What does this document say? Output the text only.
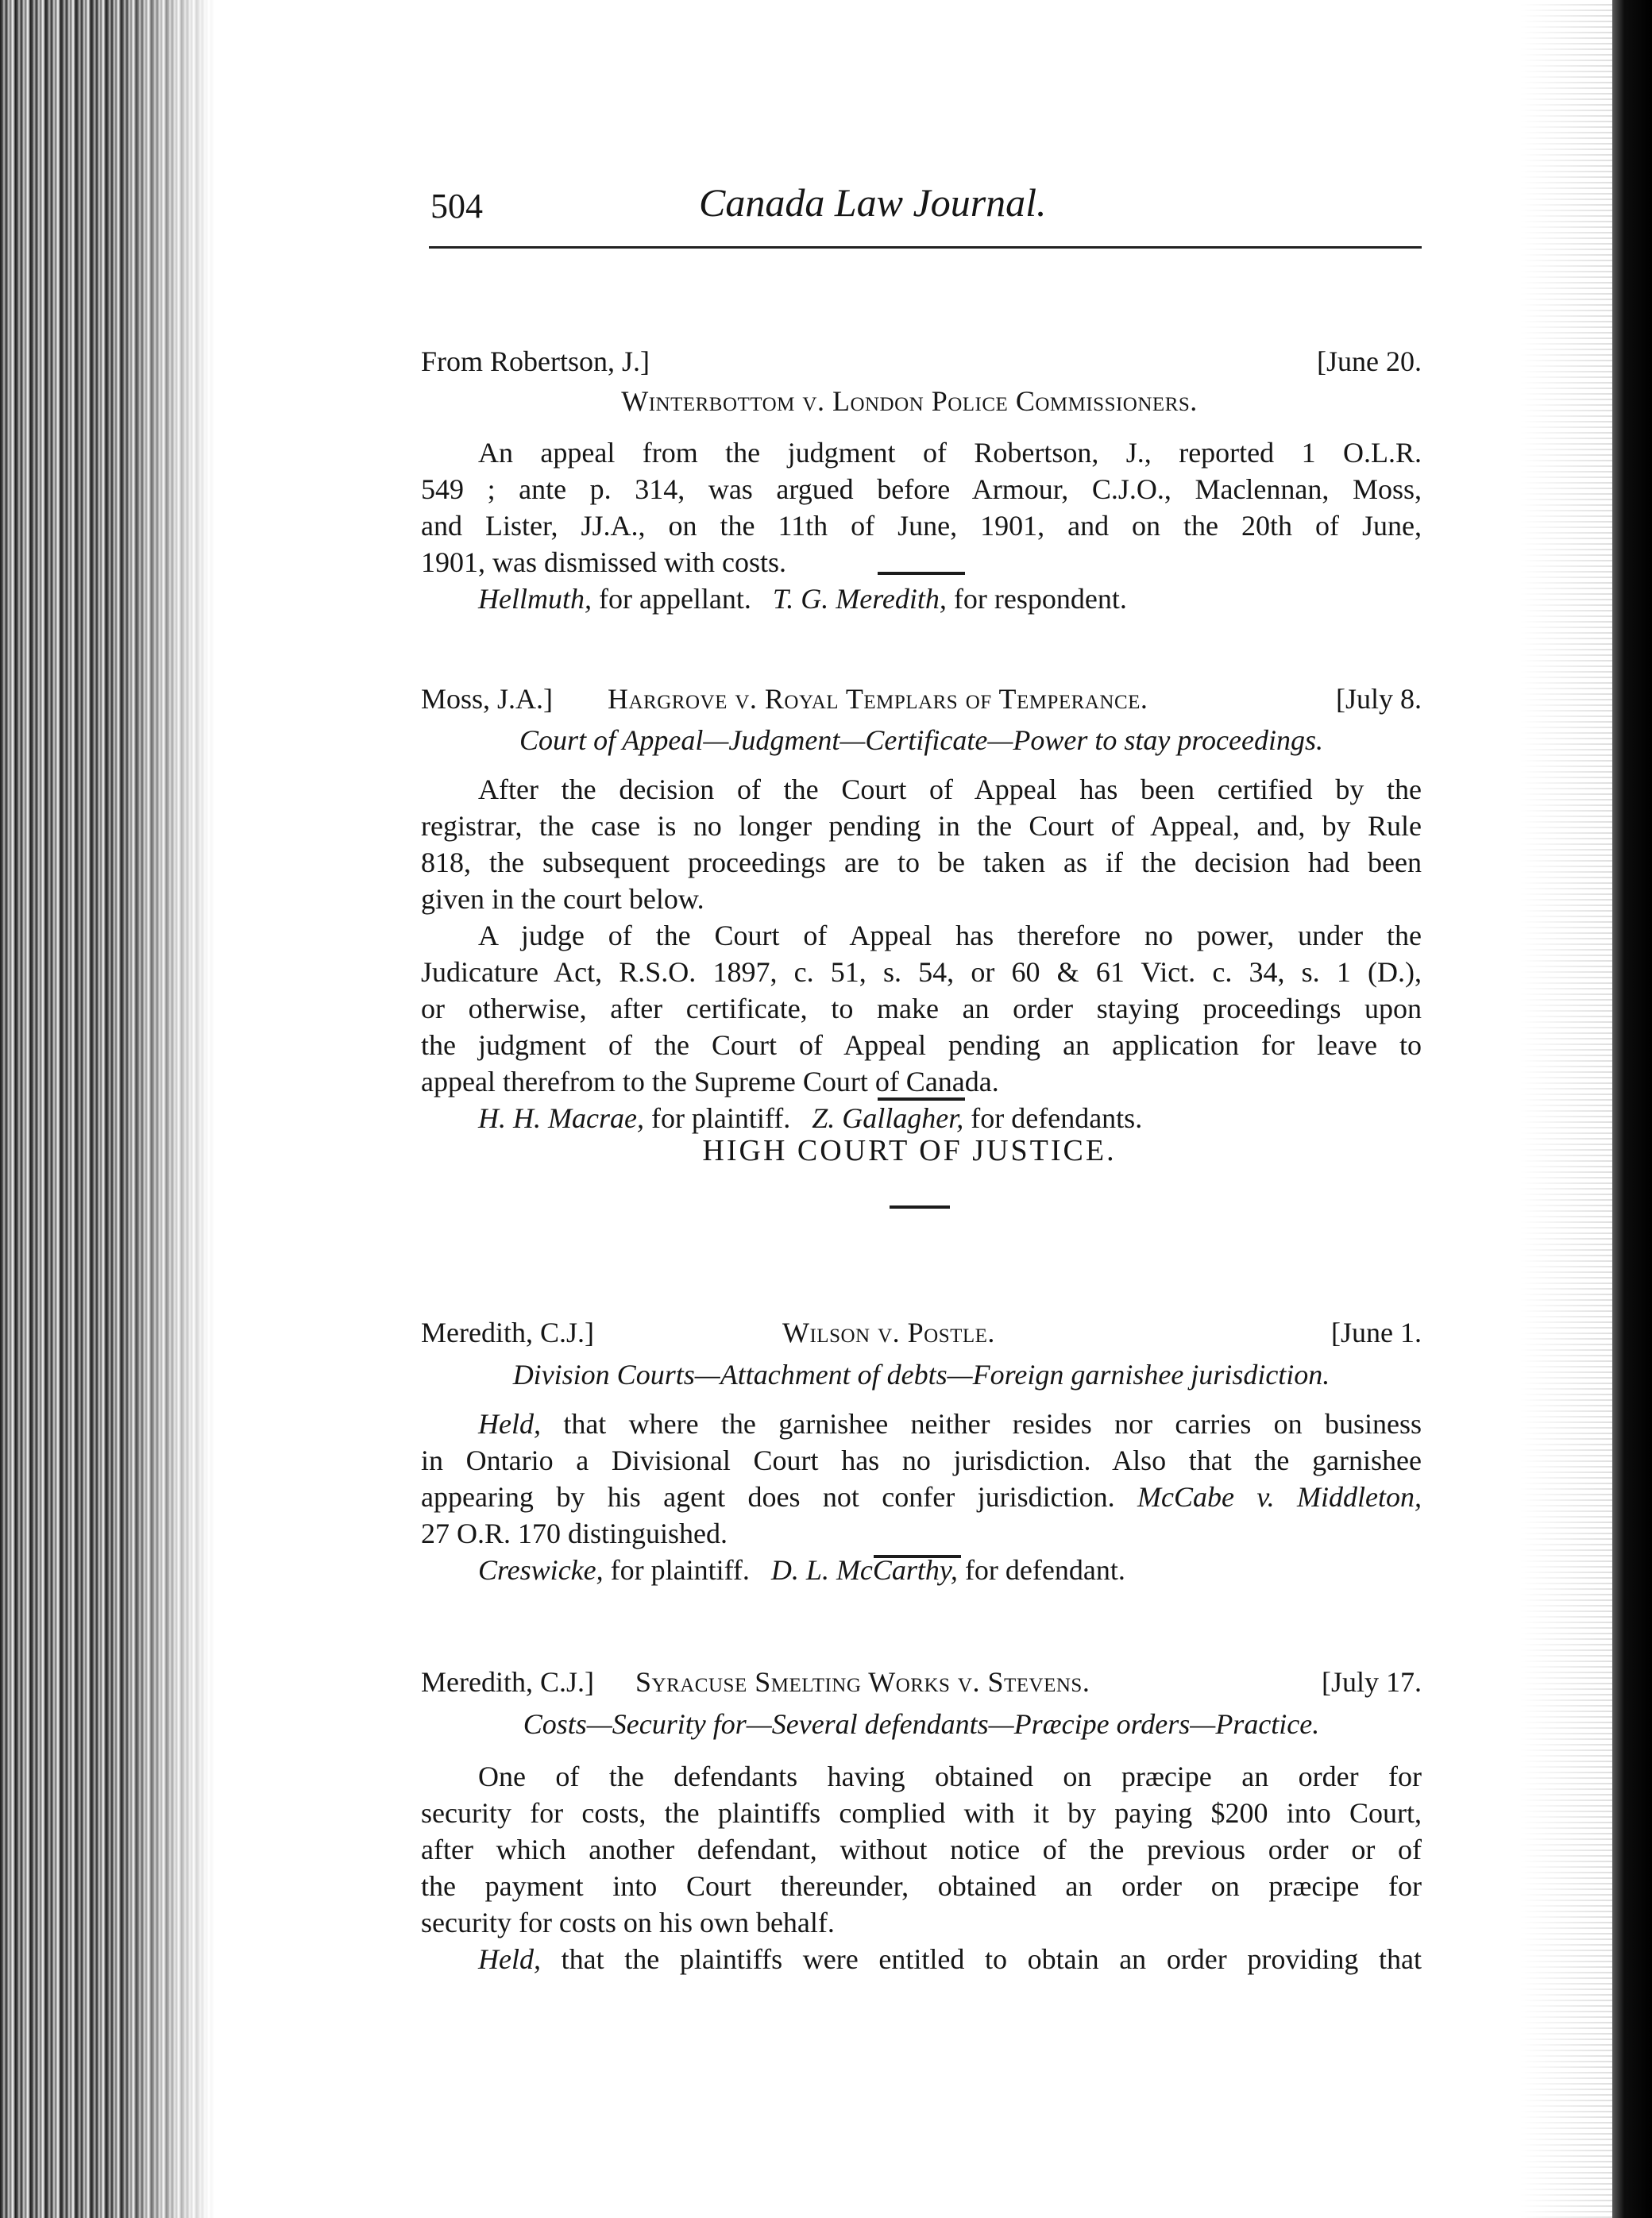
504	Canada Law Journal.
From Robertson, J.]	[June 20.
Winterbottom v. London Police Commissioners.
An appeal from the judgment of Robertson, J., reported 1 O.L.R.
549 ; ante p. 314, was argued before Armour, C.J.O., Maclennan, Moss,
and Lister, JJ.A., on the 11th of June, 1901, and on the 20th of June,
1901, was dismissed with costs.
Hellmuth, for appellant. T. G. Meredith, for respondent.
Moss, J.A.] Hargrove v. Royal Templars of Temperance.	[July 8.
Court of Appeal—Judgment—Certificate—Power to stay proceedings.
After the decision of the Court of Appeal has been certified by the
registrar, the case is no longer pending in the Court of Appeal, and, by Rule
818, the subsequent proceedings are to be taken as if the decision had been
given in the court below.
A judge of the Court of Appeal has therefore no power, under the
Judicature Act, R.S.O. 1897, c. 51, s. 54, or 60 & 61 Vict. c. 34, s. 1 (D.),
or otherwise, after certificate, to make an order staying proceedings upon
the judgment of the Court of Appeal pending an application for leave to
appeal therefrom to the Supreme Court of Canada.
H. H. Macrae, for plaintiff. Z. Gallagher, for defendants.
HIGH COURT OF JUSTICE.
Meredith, C.J.]	Wilson v. Postle.	[June 1.
Division Courts—Attachment of debts—Foreign garnishee jurisdiction.
Held, that where the garnishee neither resides nor carries on business
in Ontario a Divisional Court has no jurisdiction. Also that the garnishee
appearing by his agent does not confer jurisdiction. McCabe v. Middleton,
27 O.R. 170 distinguished.
Creswicke, for plaintiff. D. L. McCarthy, for defendant.
Meredith, C.J.] Syracuse Smelting Works v. Stevens.	[July 17.
Costs—Security for—Several defendants—Præcipe orders—Practice.
One of the defendants having obtained on præcipe an order for
security for costs, the plaintiffs complied with it by paying $200 into Court,
after which another defendant, without notice of the previous order or of
the payment into Court thereunder, obtained an order on præcipe for
security for costs on his own behalf.
Held, that the plaintiffs were entitled to obtain an order providing that
